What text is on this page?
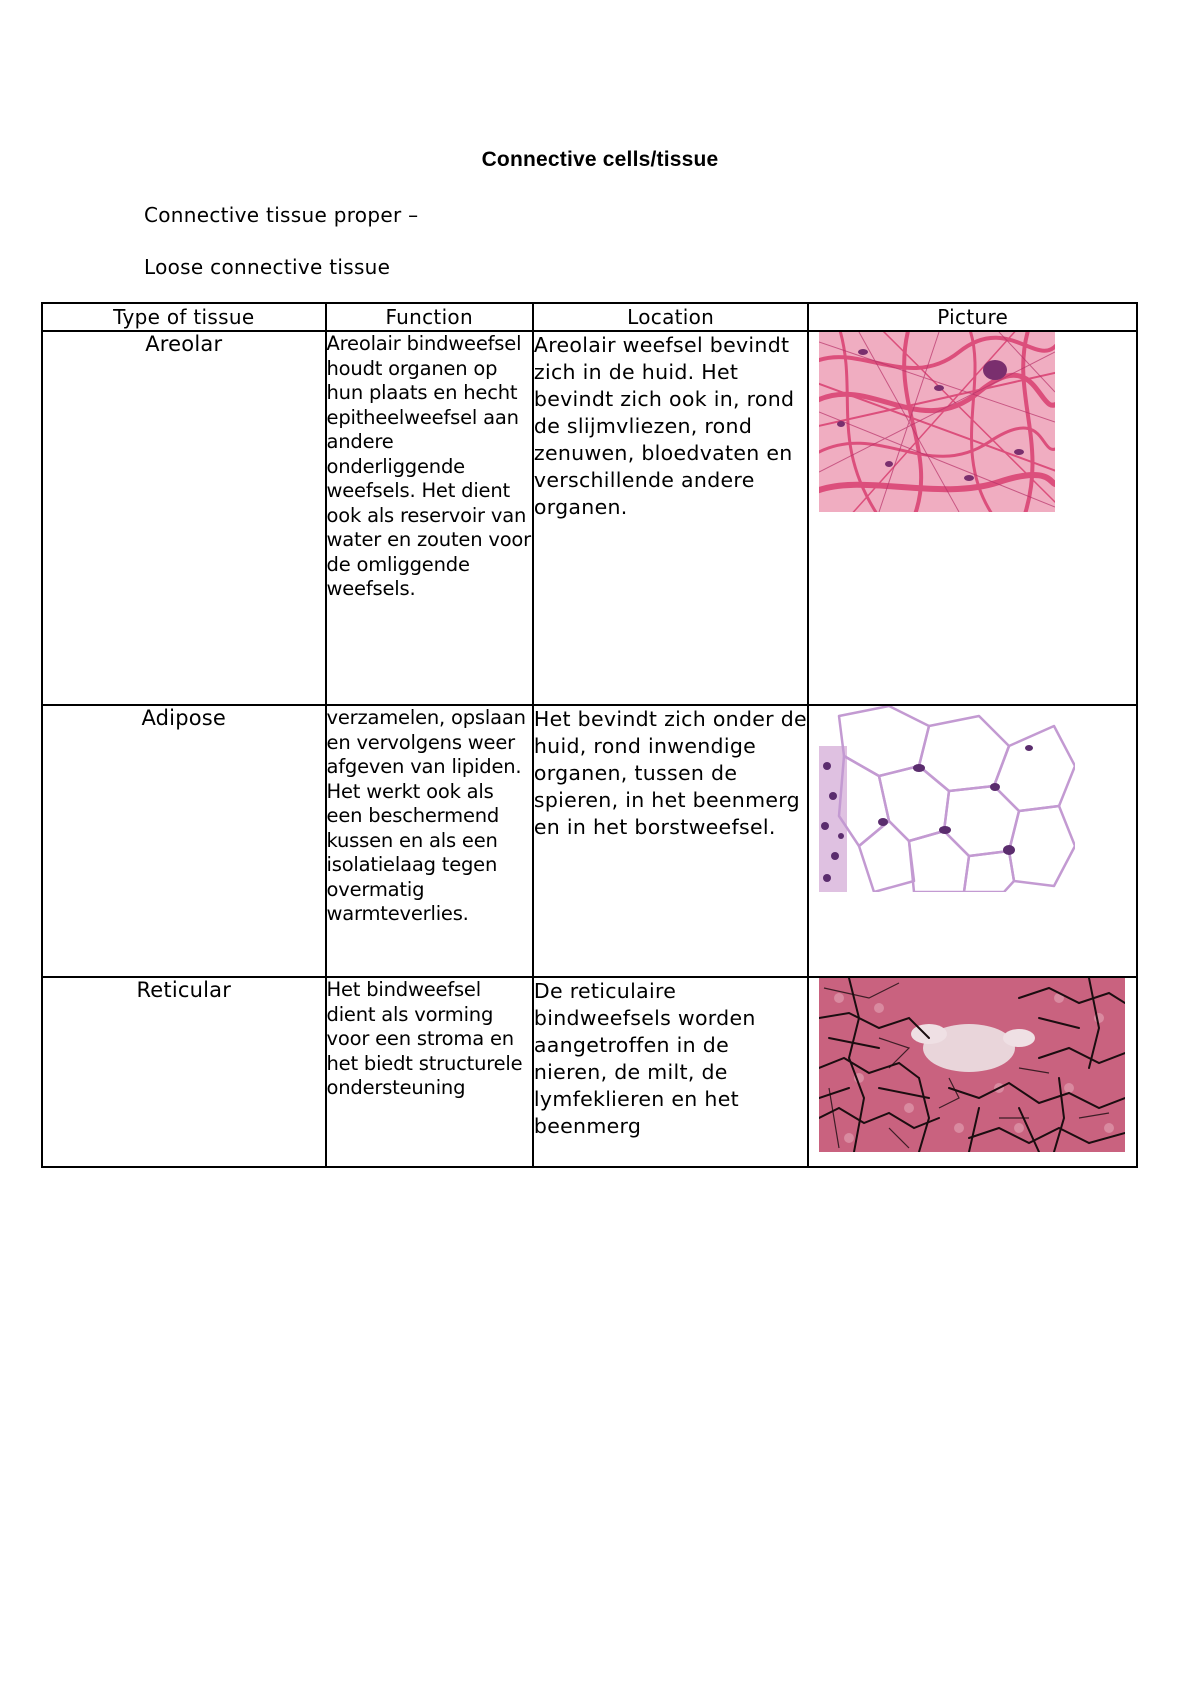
Connective cells/tissue
Connective tissue proper –
Loose connective tissue
Type of tissue	Function	Location	Picture
Areolar	Areolair bindweefsel houdt organen op hun plaats en hecht epitheelweefsel aan andere onderliggende weefsels. Het dient ook als reservoir van water en zouten voor de omliggende weefsels.	Areolair weefsel bevindt zich in de huid. Het bevindt zich ook in, rond de slijmvliezen, rond zenuwen, bloedvaten en verschillende andere organen.	

Adipose	verzamelen, opslaan en vervolgens weer afgeven van lipiden. Het werkt ook als een beschermend kussen en als een isolatielaag tegen overmatig warmteverlies.	Het bevindt zich onder de huid, rond inwendige organen, tussen de spieren, in het beenmerg en in het borstweefsel.	

Reticular	Het bindweefsel dient als vorming voor een stroma en het biedt structurele ondersteuning	De reticulaire bindweefsels worden aangetroffen in de nieren, de milt, de lymfeklieren en het beenmerg	
